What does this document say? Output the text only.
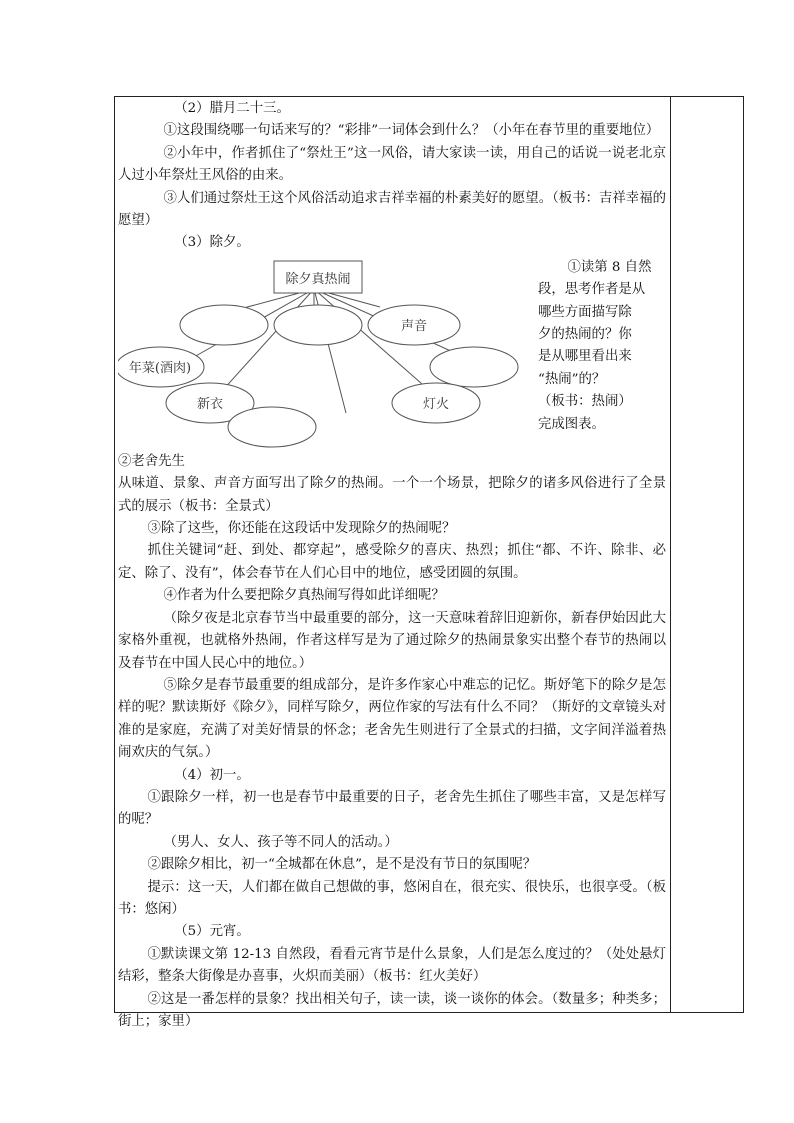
（2）腊月二十三。

①这段围绕哪一句话来写的？“彩排”一词体会到什么？（小年在春节里的重要地位）

②小年中，作者抓住了“祭灶王”这一风俗，请大家读一读，用自己的话说一说老北京人过小年祭灶王风俗的由来。

③人们通过祭灶王这个风俗活动追求吉祥幸福的朴素美好的愿望。（板书：吉祥幸福的愿望）

（3）除夕。

除夕真热闹
声音
年菜(酒肉)
新衣	灯火
①读第 8 自然
段，思考作者是从
哪些方面描写除
夕的热闹的？你
是从哪里看出来
“热闹”的？
（板书：热闹）
完成图表。

②老舍先生

从味道、景象、声音方面写出了除夕的热闹。一个一个场景，把除夕的诸多风俗进行了全景式的展示（板书：全景式）

③除了这些，你还能在这段话中发现除夕的热闹呢？

抓住关键词“赶、到处、都穿起”，感受除夕的喜庆、热烈；抓住“都、不许、除非、必定、除了、没有”，体会春节在人们心目中的地位，感受团圆的氛围。

④作者为什么要把除夕真热闹写得如此详细呢？

（除夕夜是北京春节当中最重要的部分，这一天意味着辞旧迎新你，新春伊始因此大家格外重视，也就格外热闹，作者这样写是为了通过除夕的热闹景象实出整个春节的热闹以及春节在中国人民心中的地位。）

⑤除夕是春节最重要的组成部分，是许多作家心中难忘的记忆。斯妤笔下的除夕是怎样的呢？默读斯妤《除夕》，同样写除夕，两位作家的写法有什么不同？（斯妤的文章镜头对准的是家庭，充满了对美好情景的怀念；老舍先生则进行了全景式的扫描，文字间洋溢着热闹欢庆的气氛。）

（4）初一。

①跟除夕一样，初一也是春节中最重要的日子，老舍先生抓住了哪些丰富，又是怎样写的呢？

（男人、女人、孩子等不同人的活动。）

②跟除夕相比，初一“全城都在休息”，是不是没有节日的氛围呢？

提示：这一天，人们都在做自己想做的事，悠闲自在，很充实、很快乐，也很享受。（板书：悠闲）

（5）元宵。

①默读课文第 12-13 自然段，看看元宵节是什么景象，人们是怎么度过的？（处处悬灯结彩，整条大街像是办喜事，火炽而美丽）（板书：红火美好）

②这是一番怎样的景象？找出相关句子，读一读，谈一谈你的体会。（数量多；种类多；街上；家里）
